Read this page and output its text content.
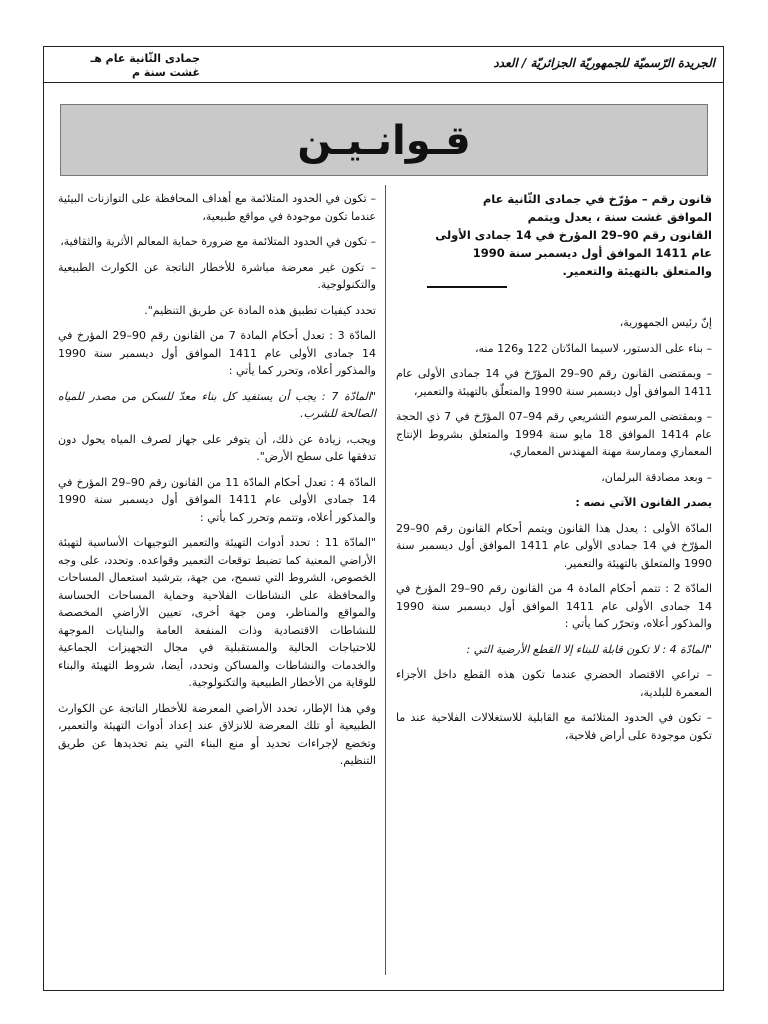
جمادى الثّانية عام هـ
غشت سنة م
الجريدة الرّسميّة للجمهوريّة الجزائريّة / العدد
قـوانـيـن
قانون رقم – مؤرّخ في جمادى الثّانية عام
الموافق غشت سنة ، يعدل ويتمم
القانون رقم 90–29 المؤرخ في 14 جمادى الأولى
عام 1411 الموافق أول ديسمبر سنة 1990
والمتعلق بالتهيئة والتعمير.

إنّ رئيس الجمهورية،

– بناء على الدستور، لاسيما المادّتان 122 و126 منه،

– وبمقتضى القانون رقم 90–29 المؤرّخ في 14 جمادى الأولى عام 1411 الموافق أول ديسمبر سنة 1990 والمتعلّق بالتهيئة والتعمير،

– وبمقتضى المرسوم التشريعي رقم 94–07 المؤرّخ في 7 ذي الحجة عام 1414 الموافق 18 مايو سنة 1994 والمتعلق بشروط الإنتاج المعماري وممارسة مهنة المهندس المعماري،

– وبعد مصادقة البرلمان،

يصدر القانون الآتي نصه :

المادّة الأولى : يعدل هذا القانون ويتمم أحكام القانون رقم 90–29 المؤرّخ في 14 جمادى الأولى عام 1411 الموافق أول ديسمبر سنة 1990 والمتعلق بالتهيئة والتعمير.

المادّة 2 : تتمم أحكام المادة 4 من القانون رقم 90–29 المؤرخ في 14 جمادى الأولى عام 1411 الموافق أول ديسمبر سنة 1990 والمذكور أعلاه، وتحرّر كما يأتي :

"المادّة 4 : لا تكون قابلة للبناء إلا القطع الأرضية التي :

– تراعي الاقتصاد الحضري عندما تكون هذه القطع داخل الأجزاء المعمرة للبلدية،

– تكون في الحدود المتلائمة مع القابلية للاستغلالات الفلاحية عند ما تكون موجودة على أراض فلاحية،

– تكون في الحدود المتلائمة مع أهداف المحافظة على التوازنات البيئية عندما تكون موجودة في مواقع طبيعية،

– تكون في الحدود المتلائمة مع ضرورة حماية المعالم الأثرية والثقافية،

– تكون غير معرضة مباشرة للأخطار الناتجة عن الكوارث الطبيعية والتكنولوجية.

تحدد كيفيات تطبيق هذه المادة عن طريق التنظيم".

المادّة 3 : تعدل أحكام المادة 7 من القانون رقم 90–29 المؤرخ في 14 جمادى الأولى عام 1411 الموافق أول ديسمبر سنة 1990 والمذكور أعلاه، وتحرر كما يأتي :

"المادّة 7 : يجب أن يستفيد كل بناء معدّ للسكن من مصدر للمياه الصالحة للشرب.

ويجب، زيادة عن ذلك، أن يتوفر على جهاز لصرف المياه يحول دون تدفقها على سطح الأرض".

المادّة 4 : تعدل أحكام المادّة 11 من القانون رقم 90–29 المؤرخ في 14 جمادى الأولى عام 1411 الموافق أول ديسمبر سنة 1990 والمذكور أعلاه، وتتمم وتحرر كما يأتي :

"المادّة 11 : تحدد أدوات التهيئة والتعمير التوجيهات الأساسية لتهيئة الأراضي المعنية كما تضبط توقعات التعمير وقواعده. وتحدد، على وجه الخصوص، الشروط التي تسمح، من جهة، بترشيد استعمال المساحات والمحافظة على النشاطات الفلاحية وحماية المساحات الحساسة والمواقع والمناظر، ومن جهة أخرى، تعيين الأراضي المخصصة للنشاطات الاقتصادية وذات المنفعة العامة والبنايات الموجهة للاحتياجات الحالية والمستقبلية في مجال التجهيزات الجماعية والخدمات والنشاطات والمساكن وتحدد، أيضا، شروط التهيئة والبناء للوقاية من الأخطار الطبيعية والتكنولوجية.

وفي هذا الإطار، تحدد الأراضي المعرضة للأخطار الناتجة عن الكوارث الطبيعية أو تلك المعرضة للانزلاق عند إعداد أدوات التهيئة والتعمير، وتخضع لإجراءات تحديد أو منع البناء التي يتم تحديدها عن طريق التنظيم.
